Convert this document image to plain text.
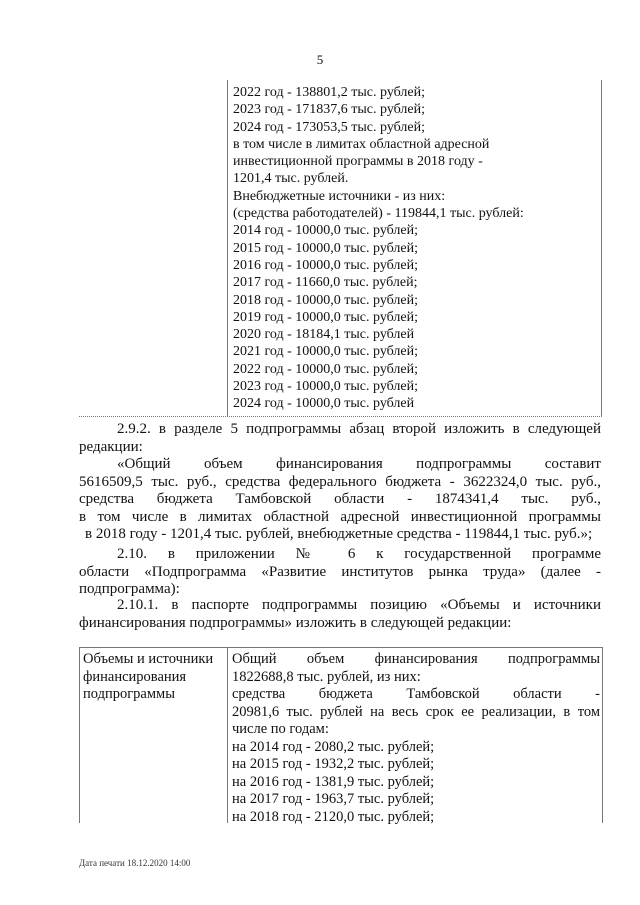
5
2022 год - 138801,2 тыс. рублей;
2023 год - 171837,6 тыс. рублей;
2024 год - 173053,5 тыс. рублей;
в том числе в лимитах областной адресной
инвестиционной программы в 2018 году -
1201,4 тыс. рублей.
Внебюджетные источники - из них:
(средства работодателей) - 119844,1 тыс. рублей:
2014 год - 10000,0 тыс. рублей;
2015 год - 10000,0 тыс. рублей;
2016 год - 10000,0 тыс. рублей;
2017 год - 11660,0 тыс. рублей;
2018 год - 10000,0 тыс. рублей;
2019 год - 10000,0 тыс. рублей;
2020 год - 18184,1 тыс. рублей
2021 год - 10000,0 тыс. рублей;
2022 год - 10000,0 тыс. рублей;
2023 год - 10000,0 тыс. рублей;
2024 год - 10000,0 тыс. рублей
2.9.2. в разделе 5 подпрограммы абзац второй изложить в следующей
редакции:
«Общий объем финансирования подпрограммы составит
5616509,5 тыс. руб., средства федерального бюджета - 3622324,0 тыс. руб.,
средства бюджета Тамбовской области - 1874341,4 тыс. руб.,
в том числе в лимитах областной адресной инвестиционной программы
в 2018 году - 1201,4 тыс. рублей, внебюджетные средства - 119844,1 тыс. руб.»;
2.10. в приложении № 6 к государственной программе
области «Подпрограмма «Развитие институтов рынка труда» (далее -
подпрограмма):
2.10.1. в паспорте подпрограммы позицию «Объемы и источники
финансирования подпрограммы» изложить в следующей редакции:
Объемы и источники
финансирования
подпрограммы
Общий объем финансирования подпрограммы
1822688,8 тыс. рублей, из них:
средства бюджета Тамбовской области -
20981,6 тыс. рублей на весь срок ее реализации, в том
числе по годам:
на 2014 год - 2080,2 тыс. рублей;
на 2015 год - 1932,2 тыс. рублей;
на 2016 год - 1381,9 тыс. рублей;
на 2017 год - 1963,7 тыс. рублей;
на 2018 год - 2120,0 тыс. рублей;
Дата печати 18.12.2020 14:00
